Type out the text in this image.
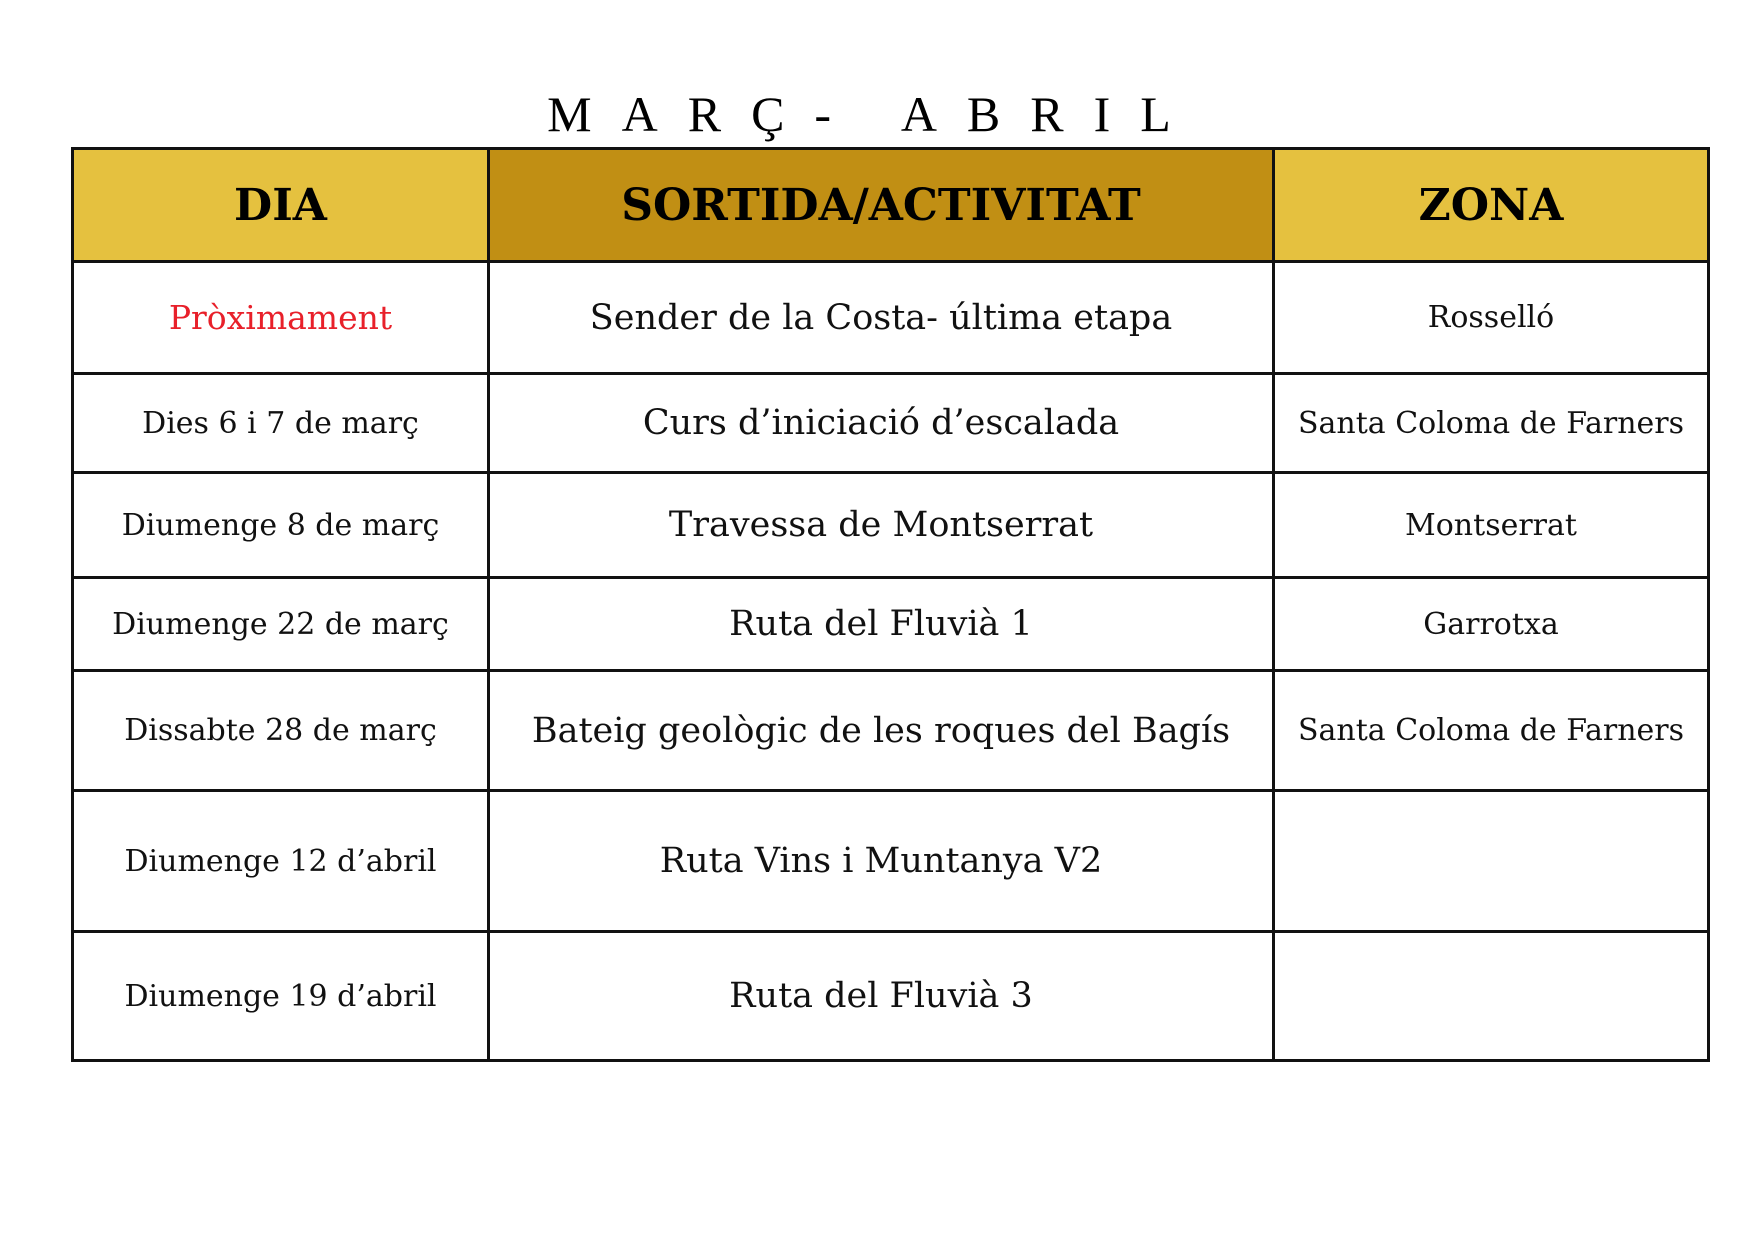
MARÇ- ABRIL
DIA	SORTIDA/ACTIVITAT	ZONA
Pròximament	Sender de la Costa- última etapa	Rosselló
Dies 6 i 7 de març	Curs d’iniciació d’escalada	Santa Coloma de Farners
Diumenge 8 de març	Travessa de Montserrat	Montserrat
Diumenge 22 de març	Ruta del Fluvià 1	Garrotxa
Dissabte 28 de març	Bateig geològic de les roques del Bagís	Santa Coloma de Farners
Diumenge 12 d’abril	Ruta Vins i Muntanya V2	
Diumenge 19 d’abril	Ruta del Fluvià 3	
